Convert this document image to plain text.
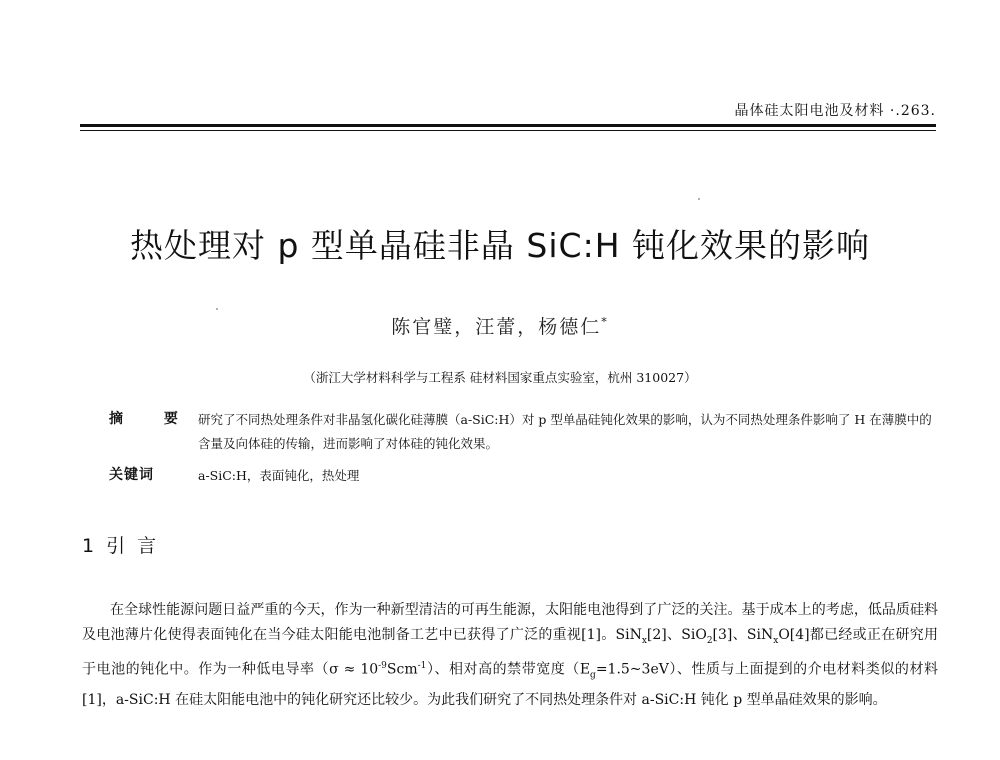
晶体硅太阳电池及材料 ·.263.
热处理对 p 型单晶硅非晶 SiC:H 钝化效果的影响
陈官璧，汪蕾，杨德仁*
（浙江大学材料科学与工程系 硅材料国家重点实验室，杭州 310027）
摘 要 研究了不同热处理条件对非晶氢化碳化硅薄膜（a-SiC:H）对 p 型单晶硅钝化效果的影响，认为不同热处理条件影响了 H 在薄膜中的含量及向体硅的传输，进而影响了对体硅的钝化效果。

关键词	a-SiC:H，表面钝化，热处理
1 引 言

在全球性能源问题日益严重的今天，作为一种新型清洁的可再生能源，太阳能电池得到了广泛的关注。基于成本上的考虑，低品质硅料及电池薄片化使得表面钝化在当今硅太阳能电池制备工艺中已获得了广泛的重视[1]。SiN$_x$[2]、SiO$_2$[3]、SiN$_x$O[4]都已经或正在研究用于电池的钝化中。作为一种低电导率$(\sigma \approx 10^{-9}Scm^{-1})$、相对高的禁带宽度$(E_g=1.5\sim 3eV)$、性质与上面提到的介电材料类似的材料[1]，a-SiC:H 在硅太阳能电池中的钝化研究还比较少。为此我们研究了不同热处理条件对 a-SiC:H 钝化 p 型单晶硅效果的影响。
